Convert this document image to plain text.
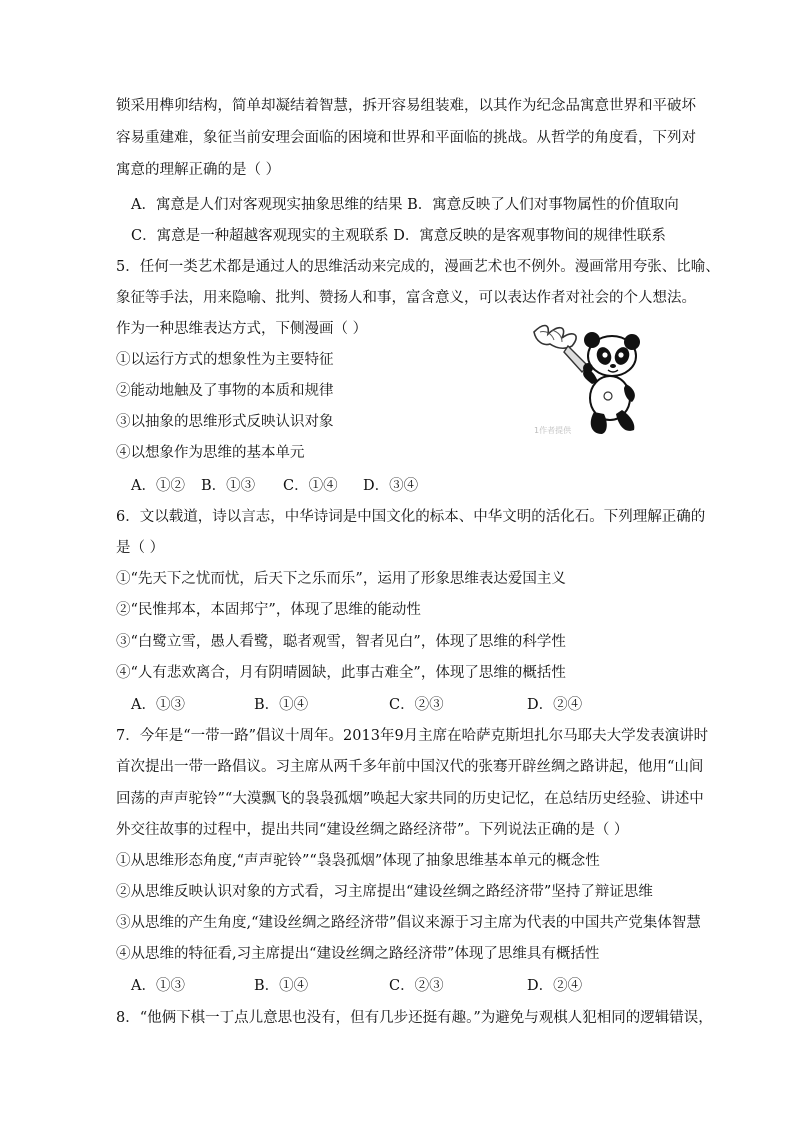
锁采用榫卯结构，简单却凝结着智慧，拆开容易组装难，以其作为纪念品寓意世界和平破坏
容易重建难，象征当前安理会面临的困境和世界和平面临的挑战。从哲学的角度看，下列对
寓意的理解正确的是（ ）
A．寓意是人们对客观现实抽象思维的结果 B．寓意反映了人们对事物属性的价值取向
C．寓意是一种超越客观现实的主观联系 D．寓意反映的是客观事物间的规律性联系
5．任何一类艺术都是通过人的思维活动来完成的，漫画艺术也不例外。漫画常用夸张、比喻、
象征等手法，用来隐喻、批判、赞扬人和事，富含意义，可以表达作者对社会的个人想法。
作为一种思维表达方式，下侧漫画（ ）
①以运行方式的想象性为主要特征
②能动地触及了事物的本质和规律
③以抽象的思维形式反映认识对象
④以想象作为思维的基本单元
A．①② B．①③ C．①④ D．③④
1作者提供
6．文以载道，诗以言志，中华诗词是中国文化的标本、中华文明的活化石。下列理解正确的
是（ ）
①“先天下之忧而忧，后天下之乐而乐”，运用了形象思维表达爱国主义
②“民惟邦本，本固邦宁”，体现了思维的能动性
③“白鹭立雪，愚人看鹭，聪者观雪，智者见白”，体现了思维的科学性
④“人有悲欢离合，月有阴晴圆缺，此事古难全”，体现了思维的概括性
A．①③	B．①④	C．②③	D．②④
7．今年是“一带一路”倡议十周年。2013年9月主席在哈萨克斯坦扎尔马耶夫大学发表演讲时
首次提出一带一路倡议。习主席从两千多年前中国汉代的张骞开辟丝绸之路讲起，他用“山间
回荡的声声驼铃”“大漠飘飞的袅袅孤烟”唤起大家共同的历史记忆，在总结历史经验、讲述中
外交往故事的过程中，提出共同“建设丝绸之路经济带”。下列说法正确的是（ ）
①从思维形态角度,“声声驼铃”“袅袅孤烟”体现了抽象思维基本单元的概念性
②从思维反映认识对象的方式看，习主席提出“建设丝绸之路经济带”坚持了辩证思维
③从思维的产生角度,“建设丝绸之路经济带”倡议来源于习主席为代表的中国共产党集体智慧
④从思维的特征看,习主席提出“建设丝绸之路经济带”体现了思维具有概括性
A．①③	B．①④	C．②③	D．②④
8．“他俩下棋一丁点儿意思也没有，但有几步还挺有趣。”为避免与观棋人犯相同的逻辑错误，
